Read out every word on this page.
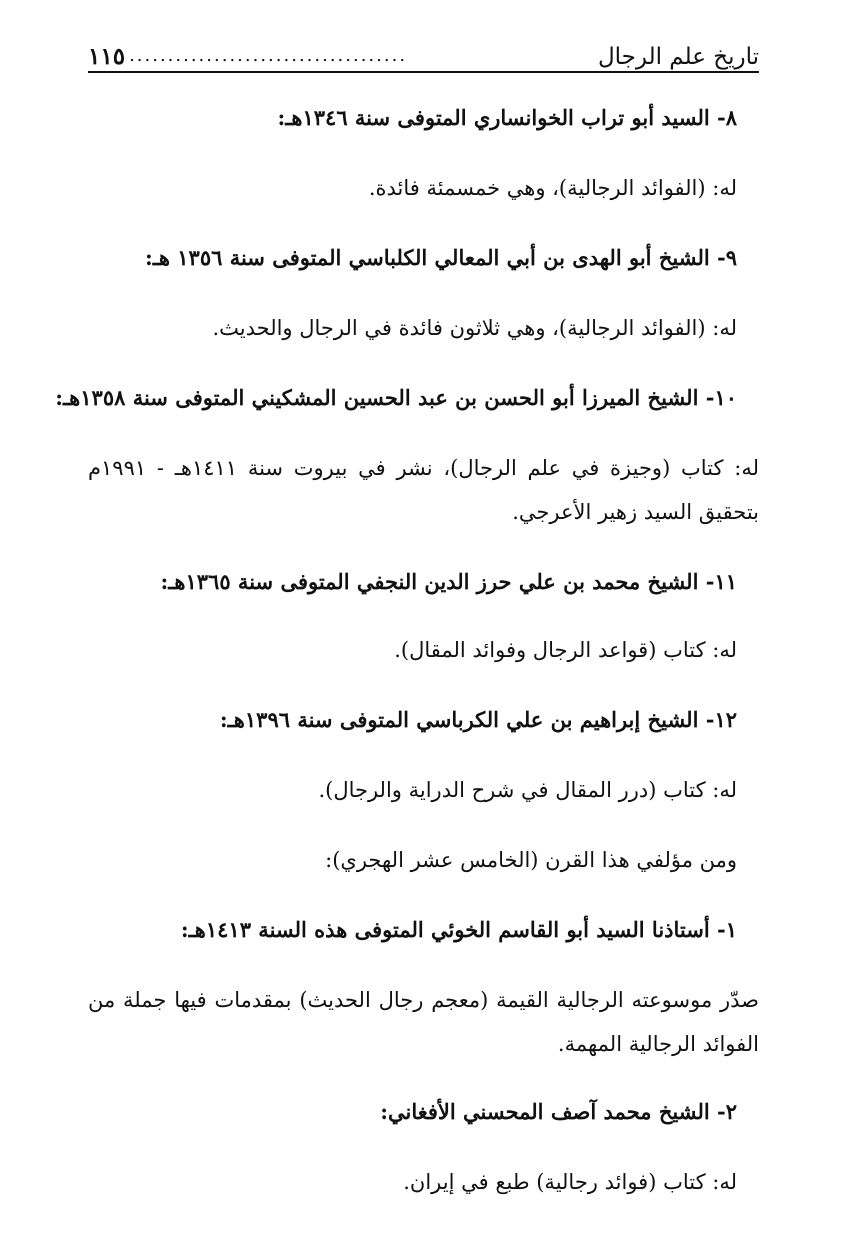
١١٥ ....................................	تاريخ علم الرجال
٨- السيد أبو تراب الخوانساري المتوفى سنة ١٣٤٦هـ:
له: (الفوائد الرجالية)، وهي خمسمئة فائدة.
٩- الشيخ أبو الهدى بن أبي المعالي الكلباسي المتوفى سنة ١٣٥٦ هـ:
له: (الفوائد الرجالية)، وهي ثلاثون فائدة في الرجال والحديث.
١٠- الشيخ الميرزا أبو الحسن بن عبد الحسين المشكيني المتوفى سنة ١٣٥٨هـ:
له: كتاب (وجيزة في علم الرجال)، نشر في بيروت سنة ١٤١١هـ - ١٩٩١م بتحقيق السيد زهير الأعرجي.
١١- الشيخ محمد بن علي حرز الدين النجفي المتوفى سنة ١٣٦٥هـ:
له: كتاب (قواعد الرجال وفوائد المقال).
١٢- الشيخ إبراهيم بن علي الكرباسي المتوفى سنة ١٣٩٦هـ:
له: كتاب (درر المقال في شرح الدراية والرجال).
ومن مؤلفي هذا القرن (الخامس عشر الهجري):
١- أستاذنا السيد أبو القاسم الخوئي المتوفى هذه السنة ١٤١٣هـ:
صدّر موسوعته الرجالية القيمة (معجم رجال الحديث) بمقدمات فيها جملة من الفوائد الرجالية المهمة.
٢- الشيخ محمد آصف المحسني الأفغاني:
له: كتاب (فوائد رجالية) طبع في إيران.
